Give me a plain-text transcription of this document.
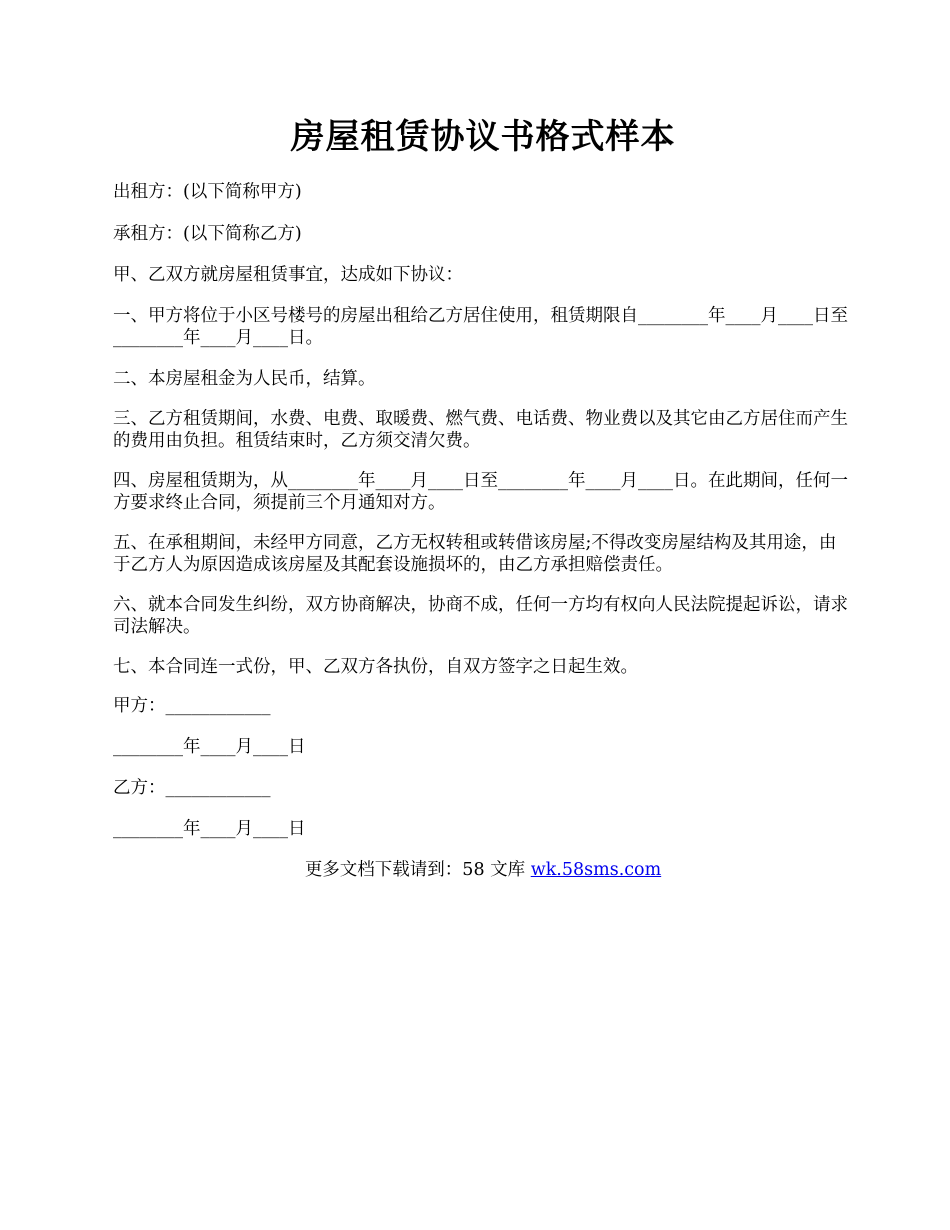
房屋租赁协议书格式样本
出租方：(以下简称甲方)
承租方：(以下简称乙方)
甲、乙双方就房屋租赁事宜，达成如下协议：
一、甲方将位于小区号楼号的房屋出租给乙方居住使用，租赁期限自________年____月____日至________年____月____日。
二、本房屋租金为人民币，结算。
三、乙方租赁期间，水费、电费、取暖费、燃气费、电话费、物业费以及其它由乙方居住而产生的费用由负担。租赁结束时，乙方须交清欠费。
四、房屋租赁期为，从________年____月____日至________年____月____日。在此期间，任何一方要求终止合同，须提前三个月通知对方。
五、在承租期间，未经甲方同意，乙方无权转租或转借该房屋;不得改变房屋结构及其用途，由于乙方人为原因造成该房屋及其配套设施损坏的，由乙方承担赔偿责任。
六、就本合同发生纠纷，双方协商解决，协商不成，任何一方均有权向人民法院提起诉讼，请求司法解决。
七、本合同连一式份，甲、乙双方各执份，自双方签字之日起生效。
甲方：____________
________年____月____日
乙方：____________
________年____月____日
更多文档下载请到：58 文库 wk.58sms.com
